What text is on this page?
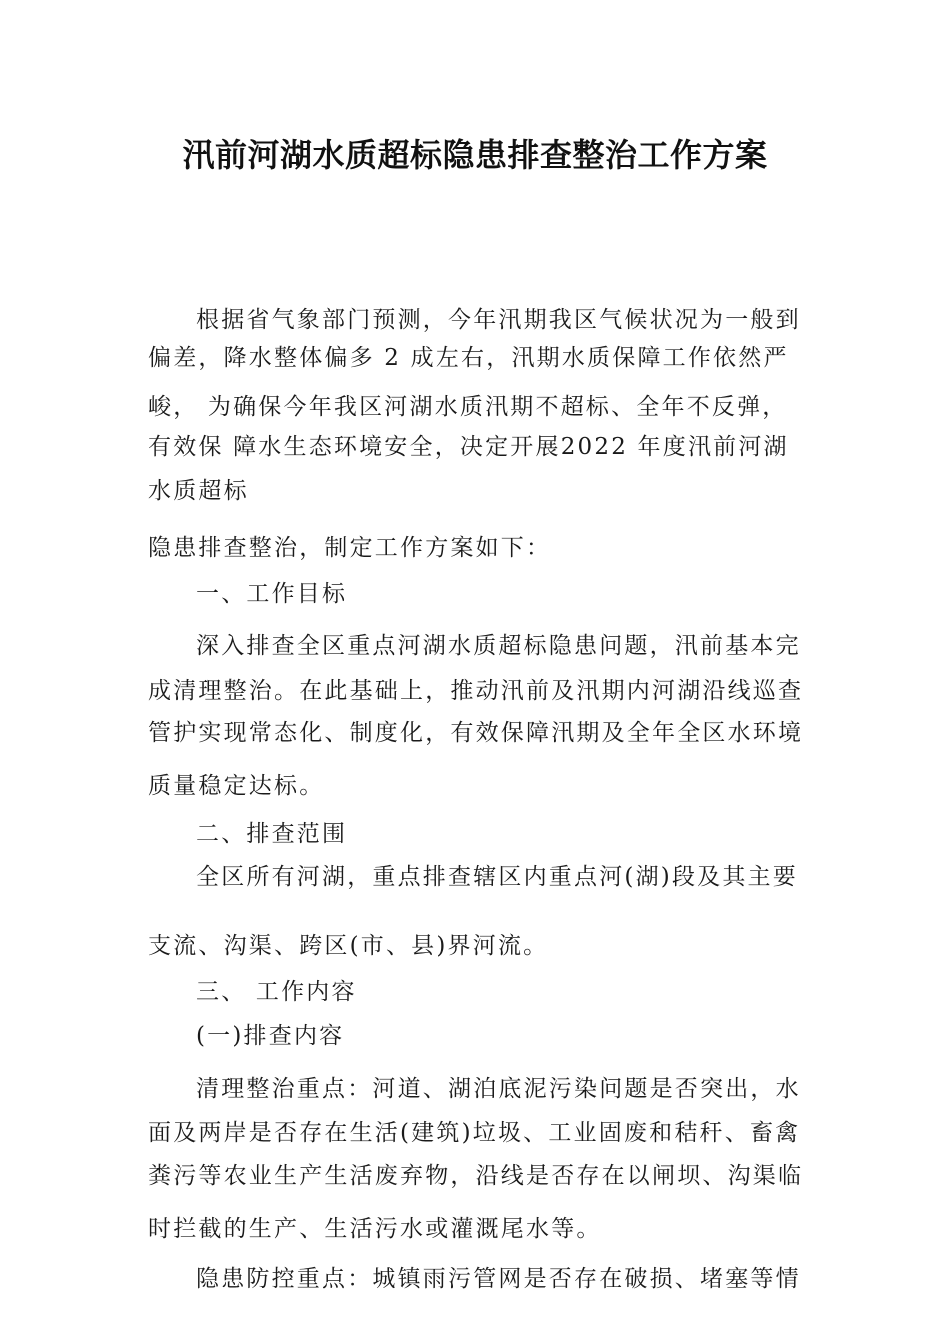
汛前河湖水质超标隐患排查整治工作方案
根据省气象部门预测，今年汛期我区气候状况为一般到
偏差，降水整体偏多 2 成左右，汛期水质保障工作依然严
峻， 为确保今年我区河湖水质汛期不超标、全年不反弹，
有效保 障水生态环境安全，决定开展2022 年度汛前河湖
水质超标
隐患排查整治，制定工作方案如下：
一、工作目标
深入排查全区重点河湖水质超标隐患问题，汛前基本完
成清理整治。在此基础上，推动汛前及汛期内河湖沿线巡查
管护实现常态化、制度化，有效保障汛期及全年全区水环境
质量稳定达标。
二、排查范围
全区所有河湖，重点排查辖区内重点河(湖)段及其主要
支流、沟渠、跨区(市、县)界河流。
三、 工作内容
(一)排查内容
清理整治重点：河道、湖泊底泥污染问题是否突出，水
面及两岸是否存在生活(建筑)垃圾、工业固废和秸秆、畜禽
粪污等农业生产生活废弃物，沿线是否存在以闸坝、沟渠临
时拦截的生产、生活污水或灌溉尾水等。
隐患防控重点：城镇雨污管网是否存在破损、堵塞等情
